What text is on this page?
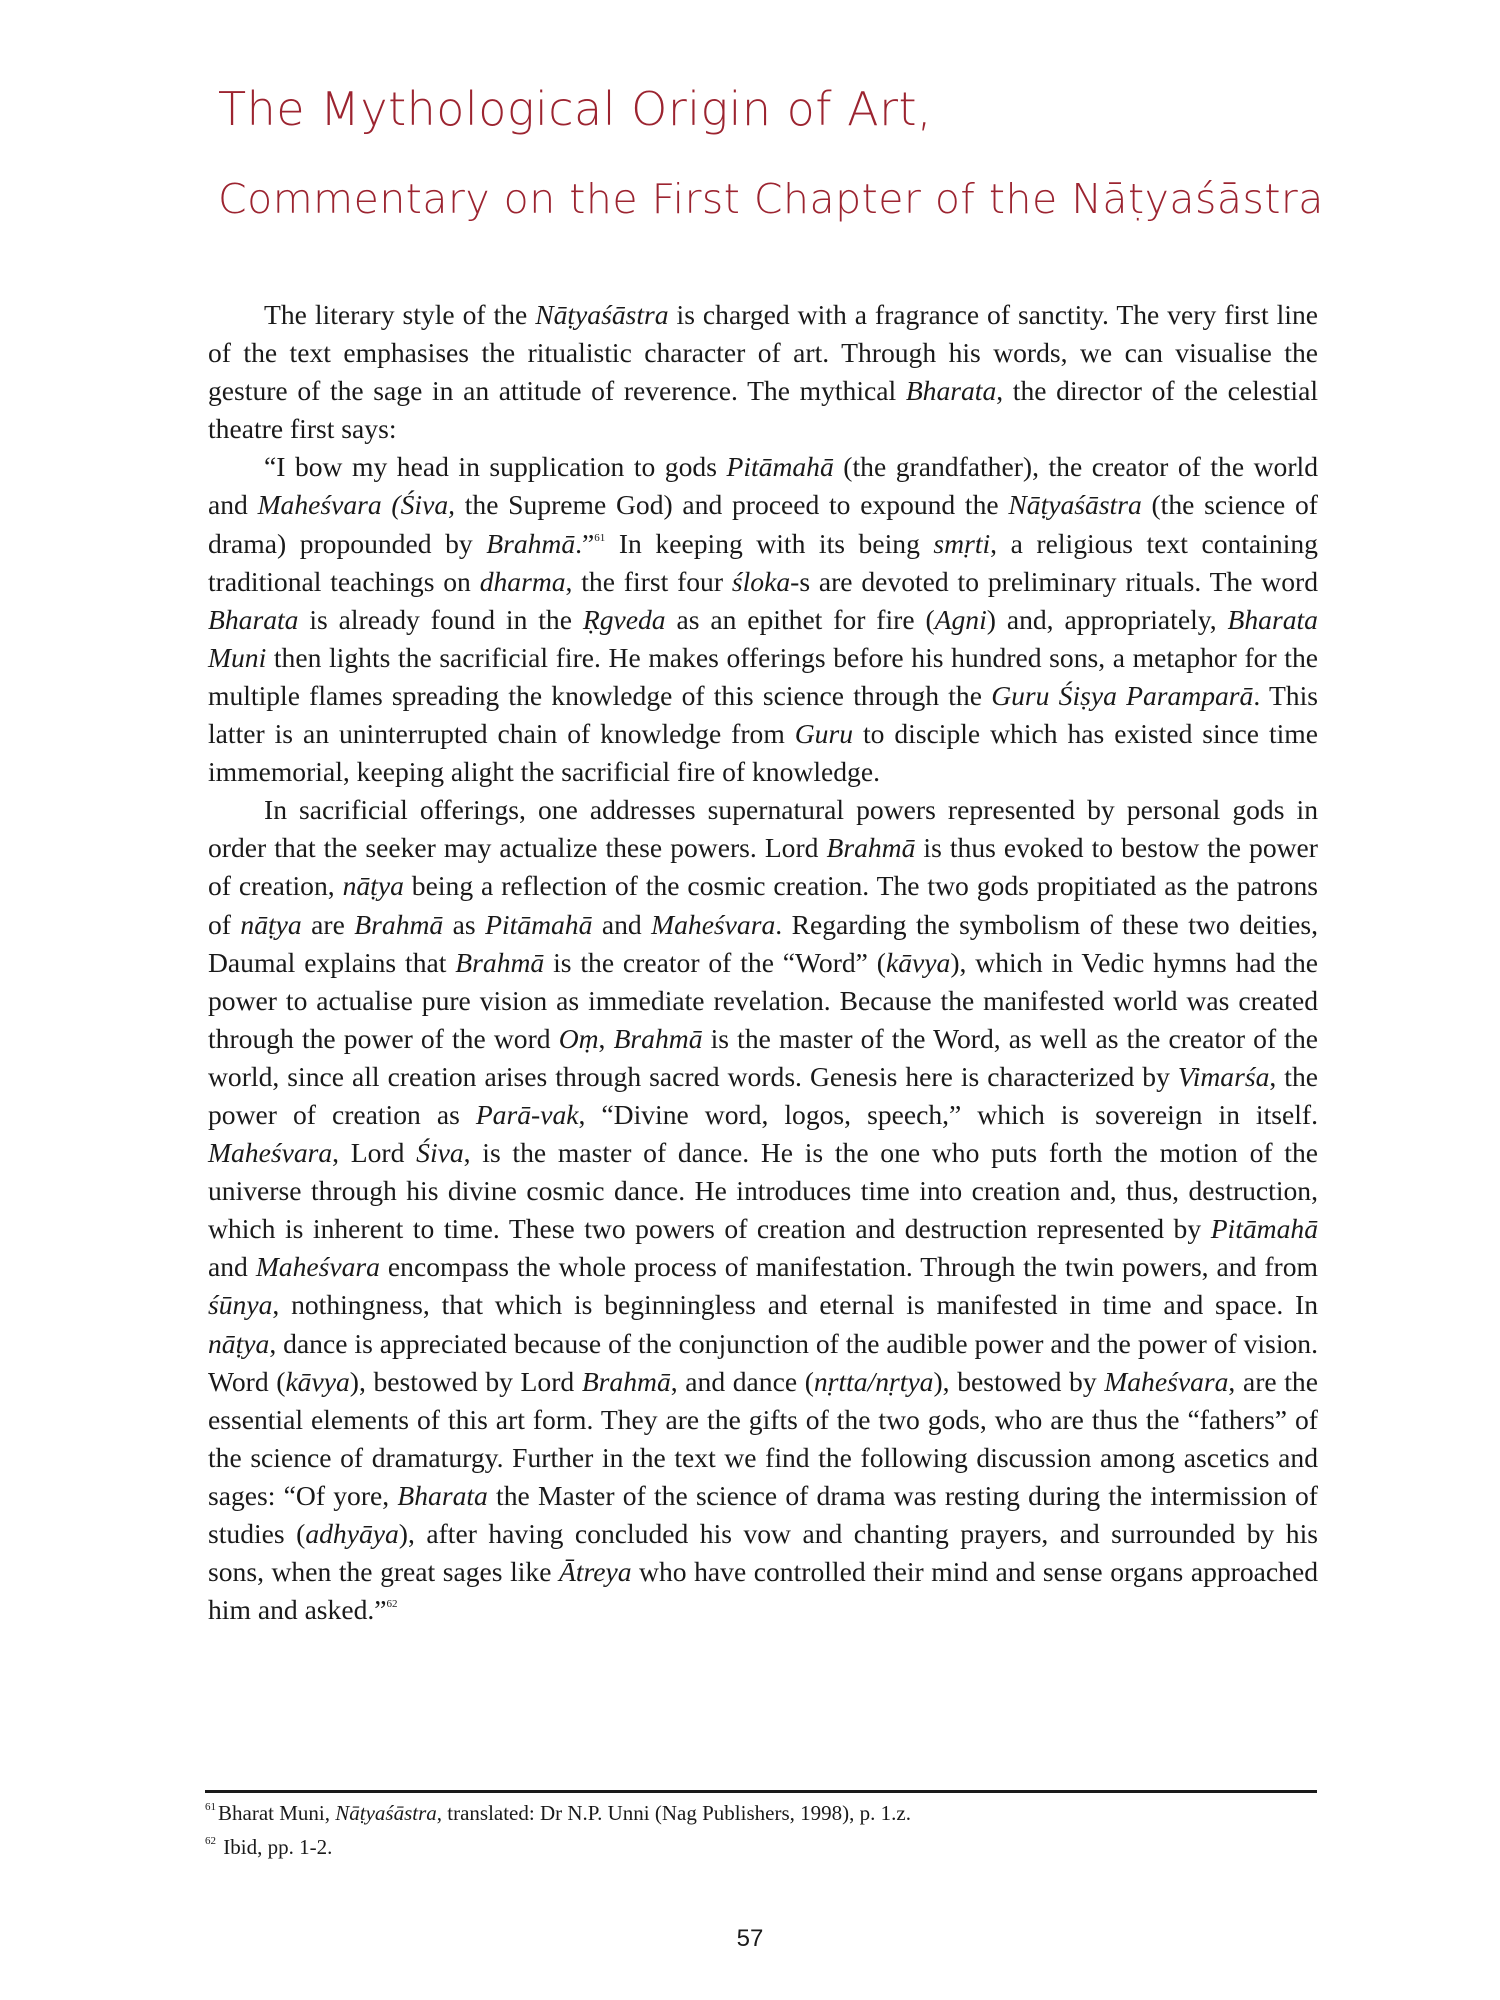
The Mythological Origin of Art,
Commentary on the First Chapter of the Nāṭyaśāstra

The literary style of the Nāṭyaśāstra is charged with a fragrance of sanctity. The very first line of the text emphasises the ritualistic character of art. Through his words, we can visualise the gesture of the sage in an attitude of reverence. The mythical Bharata, the director of the celestial theatre first says:

“I bow my head in supplication to gods Pitāmahā (the grandfather), the creator of the world and Maheśvara (Śiva, the Supreme God) and proceed to expound the Nāṭyaśāstra (the science of drama) propounded by Brahmā.”$^{61}$ In keeping with its being smṛti, a religious text containing traditional teachings on dharma, the first four śloka-s are devoted to preliminary rituals. The word Bharata is already found in the Ṛgveda as an epithet for fire (Agni) and, appropriately, Bharata Muni then lights the sacrificial fire. He makes offerings before his hundred sons, a metaphor for the multiple flames spreading the knowledge of this science through the Guru Śiṣya Paramparā. This latter is an uninterrupted chain of knowledge from Guru to disciple which has existed since time immemorial, keeping alight the sacrificial fire of knowledge.

In sacrificial offerings, one addresses supernatural powers represented by personal gods in order that the seeker may actualize these powers. Lord Brahmā is thus evoked to bestow the power of creation, nāṭya being a reflection of the cosmic creation. The two gods propitiated as the patrons of nāṭya are Brahmā as Pitāmahā and Maheśvara. Regarding the symbolism of these two deities, Daumal explains that Brahmā is the creator of the “Word” (kāvya), which in Vedic hymns had the power to actualise pure vision as immediate revelation. Because the manifested world was created through the power of the word Oṃ, Brahmā is the master of the Word, as well as the creator of the world, since all creation arises through sacred words. Genesis here is characterized by Vimarśa, the power of creation as Parā-vak, “Divine word, logos, speech,” which is sovereign in itself. Maheśvara, Lord Śiva, is the master of dance. He is the one who puts forth the motion of the universe through his divine cosmic dance. He introduces time into creation and, thus, destruction, which is inherent to time. These two powers of creation and destruction represented by Pitāmahā and Maheśvara encompass the whole process of manifestation. Through the twin powers, and from śūnya, nothingness, that which is beginningless and eternal is manifested in time and space. In nāṭya, dance is appreciated because of the conjunction of the audible power and the power of vision. Word (kāvya), bestowed by Lord Brahmā, and dance (nṛtta/nṛtya), bestowed by Maheśvara, are the essential elements of this art form. They are the gifts of the two gods, who are thus the “fathers” of the science of dramaturgy. Further in the text we find the following discussion among ascetics and sages: “Of yore, Bharata the Master of the science of drama was resting during the intermission of studies (adhyāya), after having concluded his vow and chanting prayers, and surrounded by his sons, when the great sages like Ātreya who have controlled their mind and sense organs approached him and asked.”$^{62}$

$^{61}$Bharat Muni, Nāṭyaśāstra, translated: Dr N.P. Unni (Nag Publishers, 1998), p. 1.z.
$^{62}$ Ibid, pp. 1-2.
57
